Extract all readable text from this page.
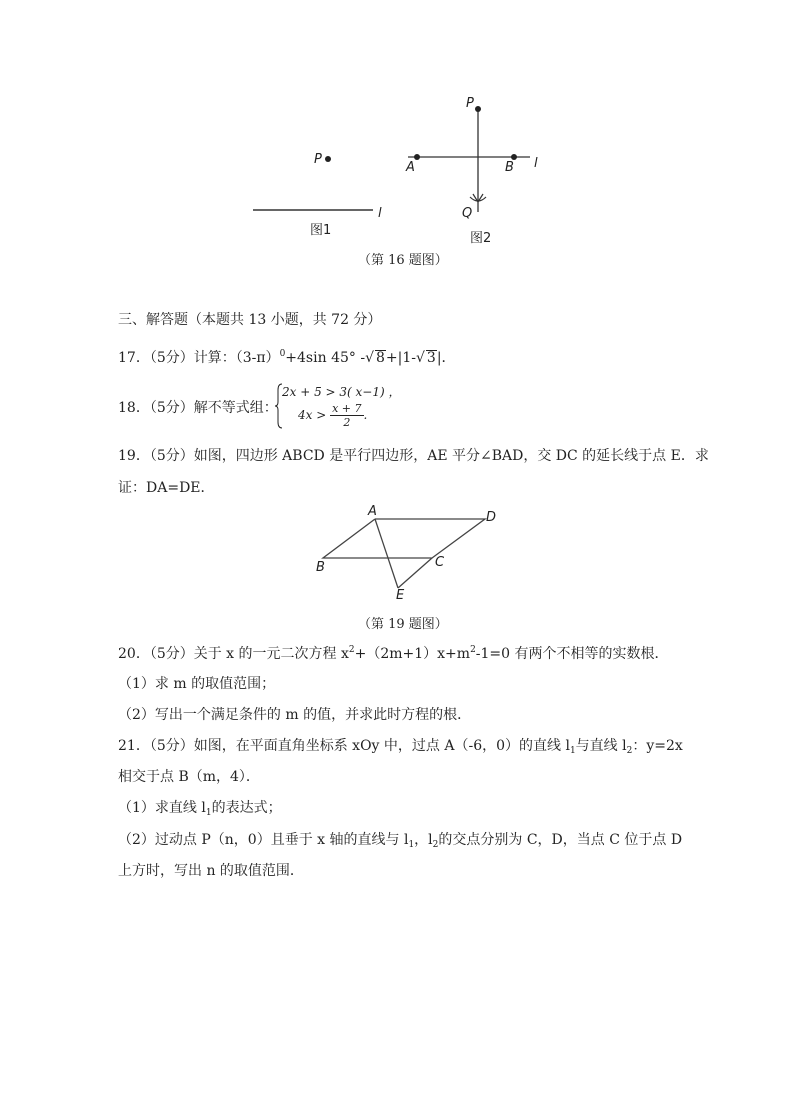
P
l
图1
P
A	B l
Q
图2
（第 16 题图）
三、解答题（本题共 13 小题，共 72 分）
17．（5分）计算：$(3-\pi)^0+4\sin$ 45° -√ 8+|1-√ 3|．
18．（5分）解不等式组：
2x + 5 > 3( x−1) ，
$4x > \frac{x + 7}{2}$ .
19．（5分）如图，四边形 ABCD 是平行四边形，AE 平分∠BAD，交 DC 的延长线于点 E．求
证：DA=DE．
A	D
B	C
E
（第 19 题图）
20．（5分）关于 x 的一元二次方程 $x^2+(2m+1)x+m^2-1=0$ 有两个不相等的实数根．
（1）求 m 的取值范围；
（2）写出一个满足条件的 m 的值，并求此时方程的根．
21．（5分）如图，在平面直角坐标系 xOy 中，过点 A（-6，0）的直线 $l_1$与直线 $l_2$：y=2x
相交于点 B（m，4）．
（1）求直线 $l_1$的表达式；
（2）过动点 P（n，0）且垂于 x 轴的直线与 $l_1$，$l_2$的交点分别为 C，D，当点 C 位于点 D
上方时，写出 n 的取值范围．
